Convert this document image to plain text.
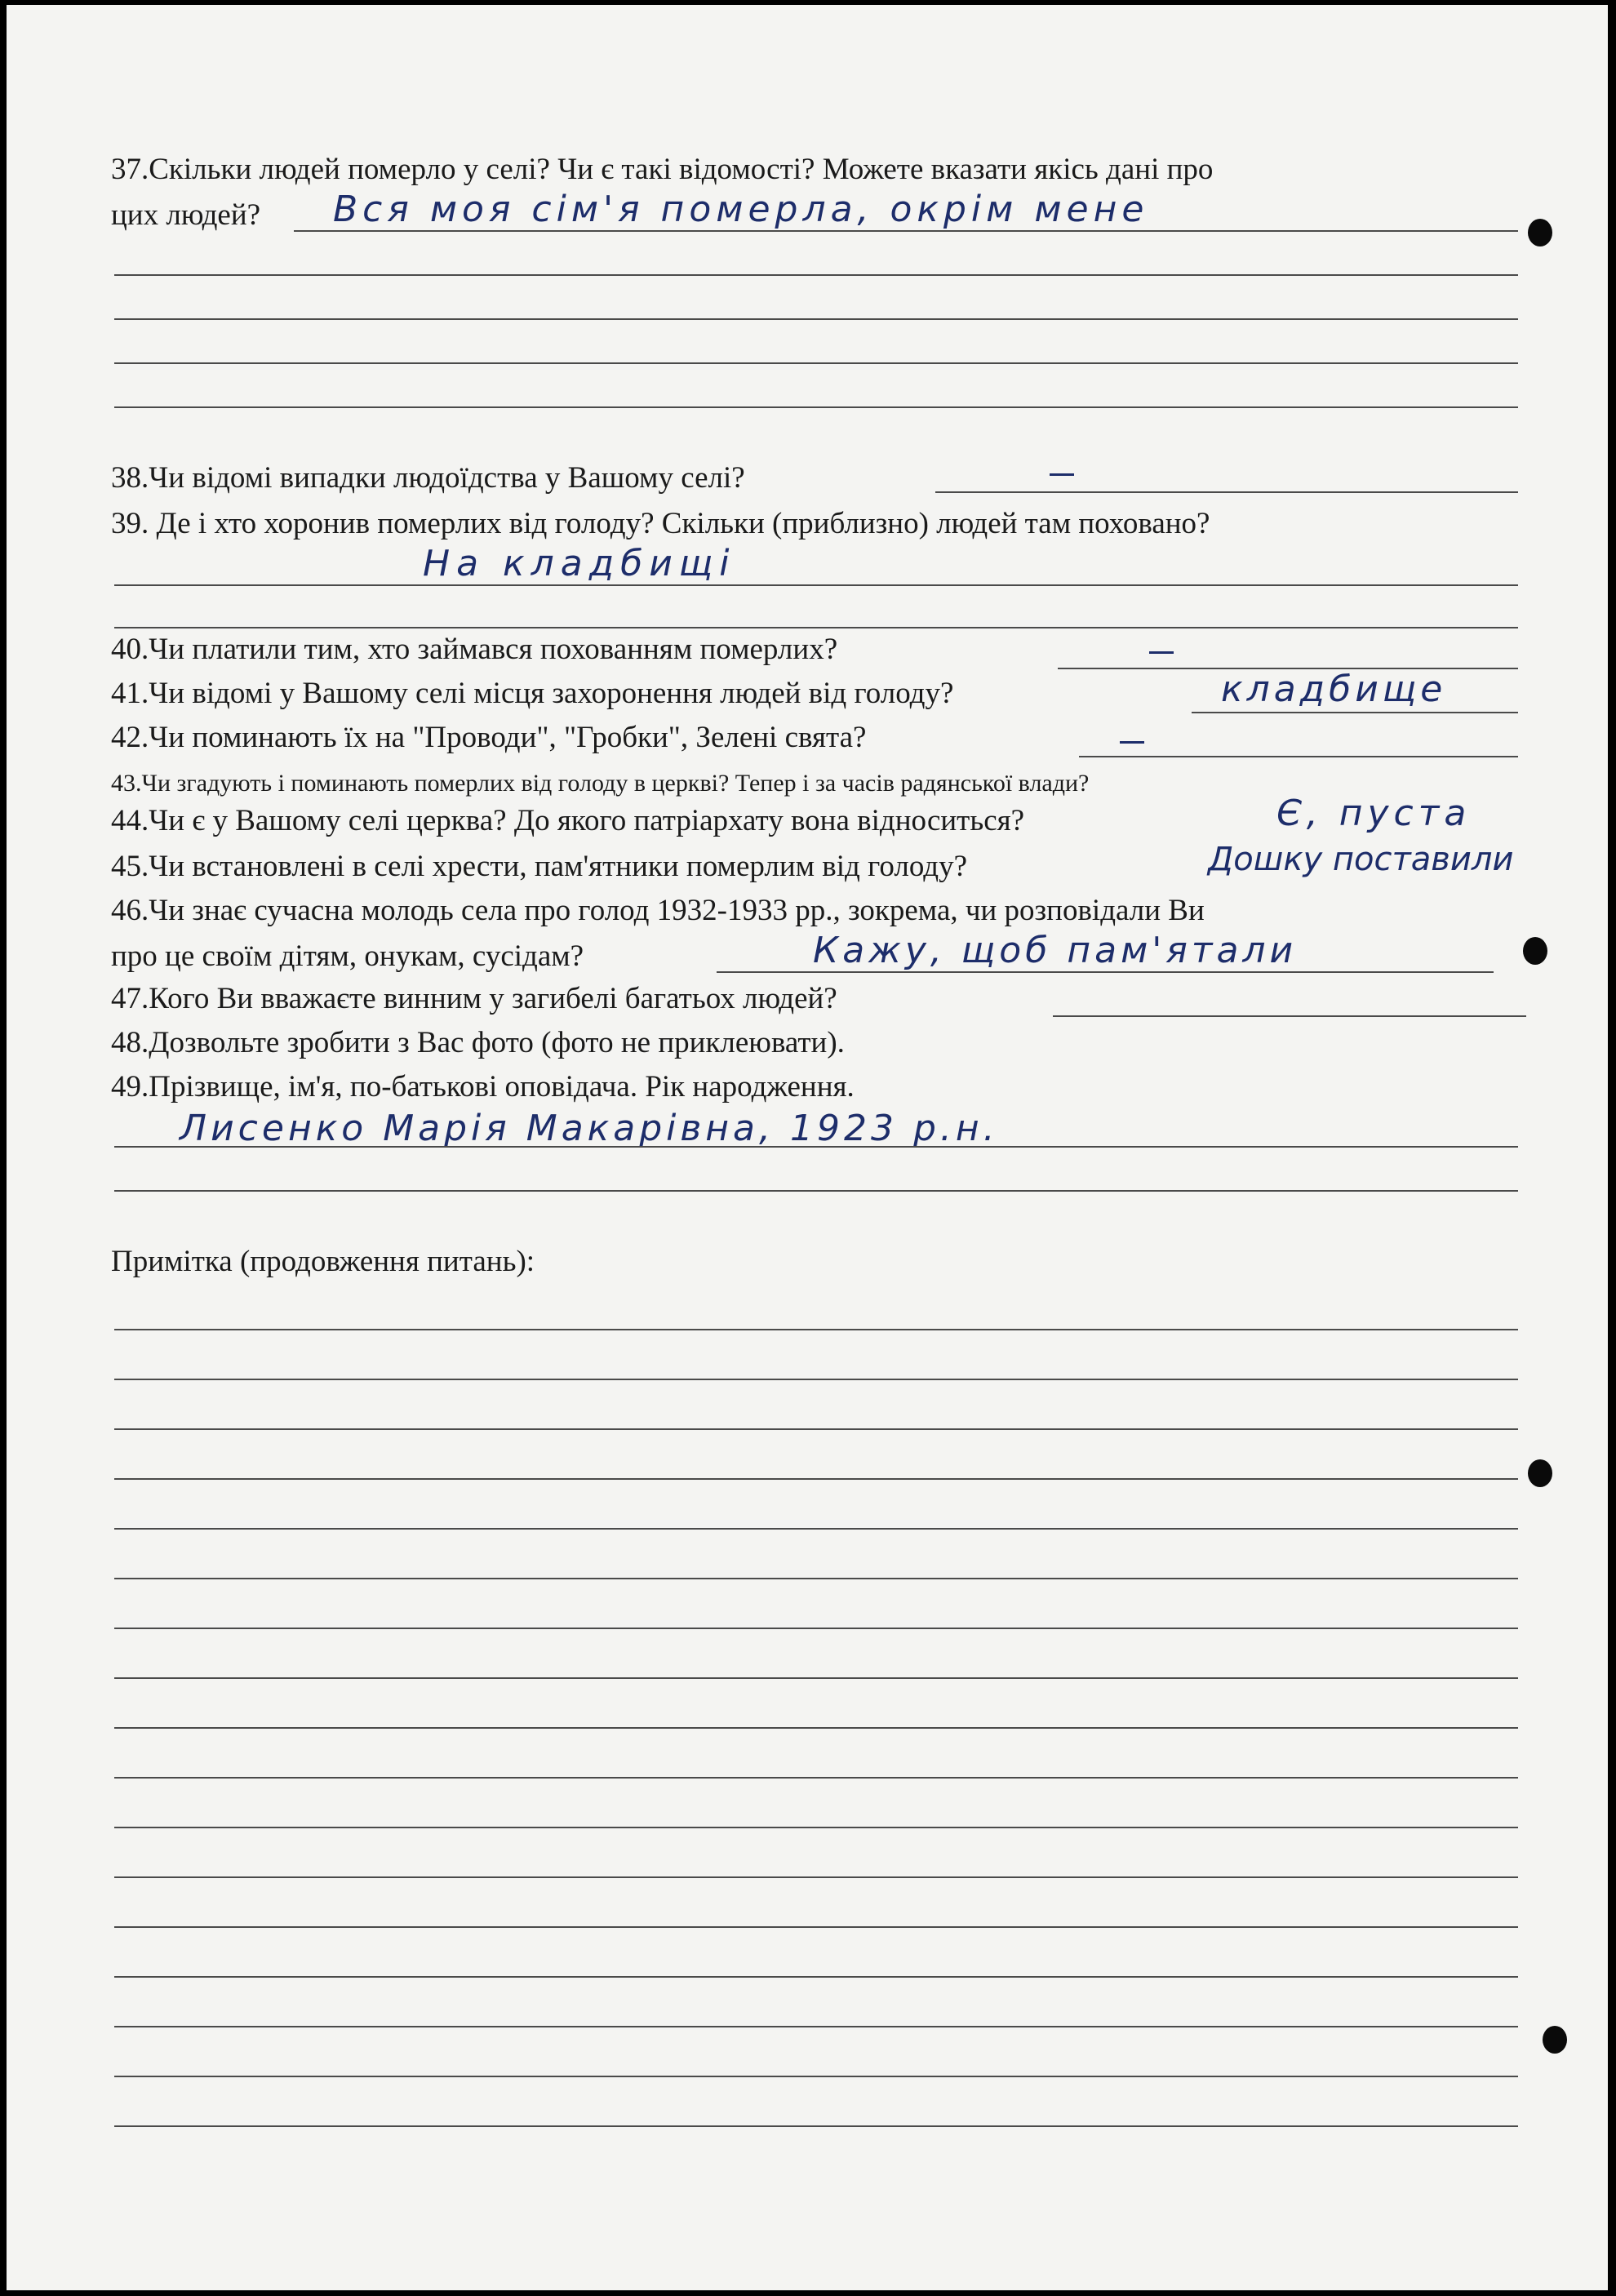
37.Скільки людей померло у селі? Чи є такі відомості? Можете вказати якісь дані про

цих людей? Вся моя сім'я померла, окрім мене

38.Чи відомі випадки людоїдства у Вашому селі?

39. Де і хто хоронив померлих від голоду? Скільки (приблизно) людей там поховано?

На кладбищі

40.Чи платили тим, хто займався похованням померлих?

41.Чи відомі у Вашому селі місця захоронення людей від голоду?	кладбище

42.Чи поминають їх на "Проводи", "Гробки", Зелені свята?

43.Чи згадують і поминають померлих від голоду в церкві? Тепер і за часів радянської влади?

44.Чи є у Вашому селі церква? До якого патріархату вона відноситься?	Є, пуста

45.Чи встановлені в селі хрести, пам'ятники померлим від голоду?	Дошку поставили

46.Чи знає сучасна молодь села про голод 1932-1933 рр., зокрема, чи розповідали Ви

про це своїм дітям, онукам, сусідам?	Кажу, щоб пам'ятали

47.Кого Ви вважаєте винним у загибелі багатьох людей?

48.Дозвольте зробити з Вас фото (фото не приклеювати).

49.Прізвище, ім'я, по-батькові оповідача. Рік народження.

Лисенко Марія Макарівна, 1923 р.н.

Примітка (продовження питань):
